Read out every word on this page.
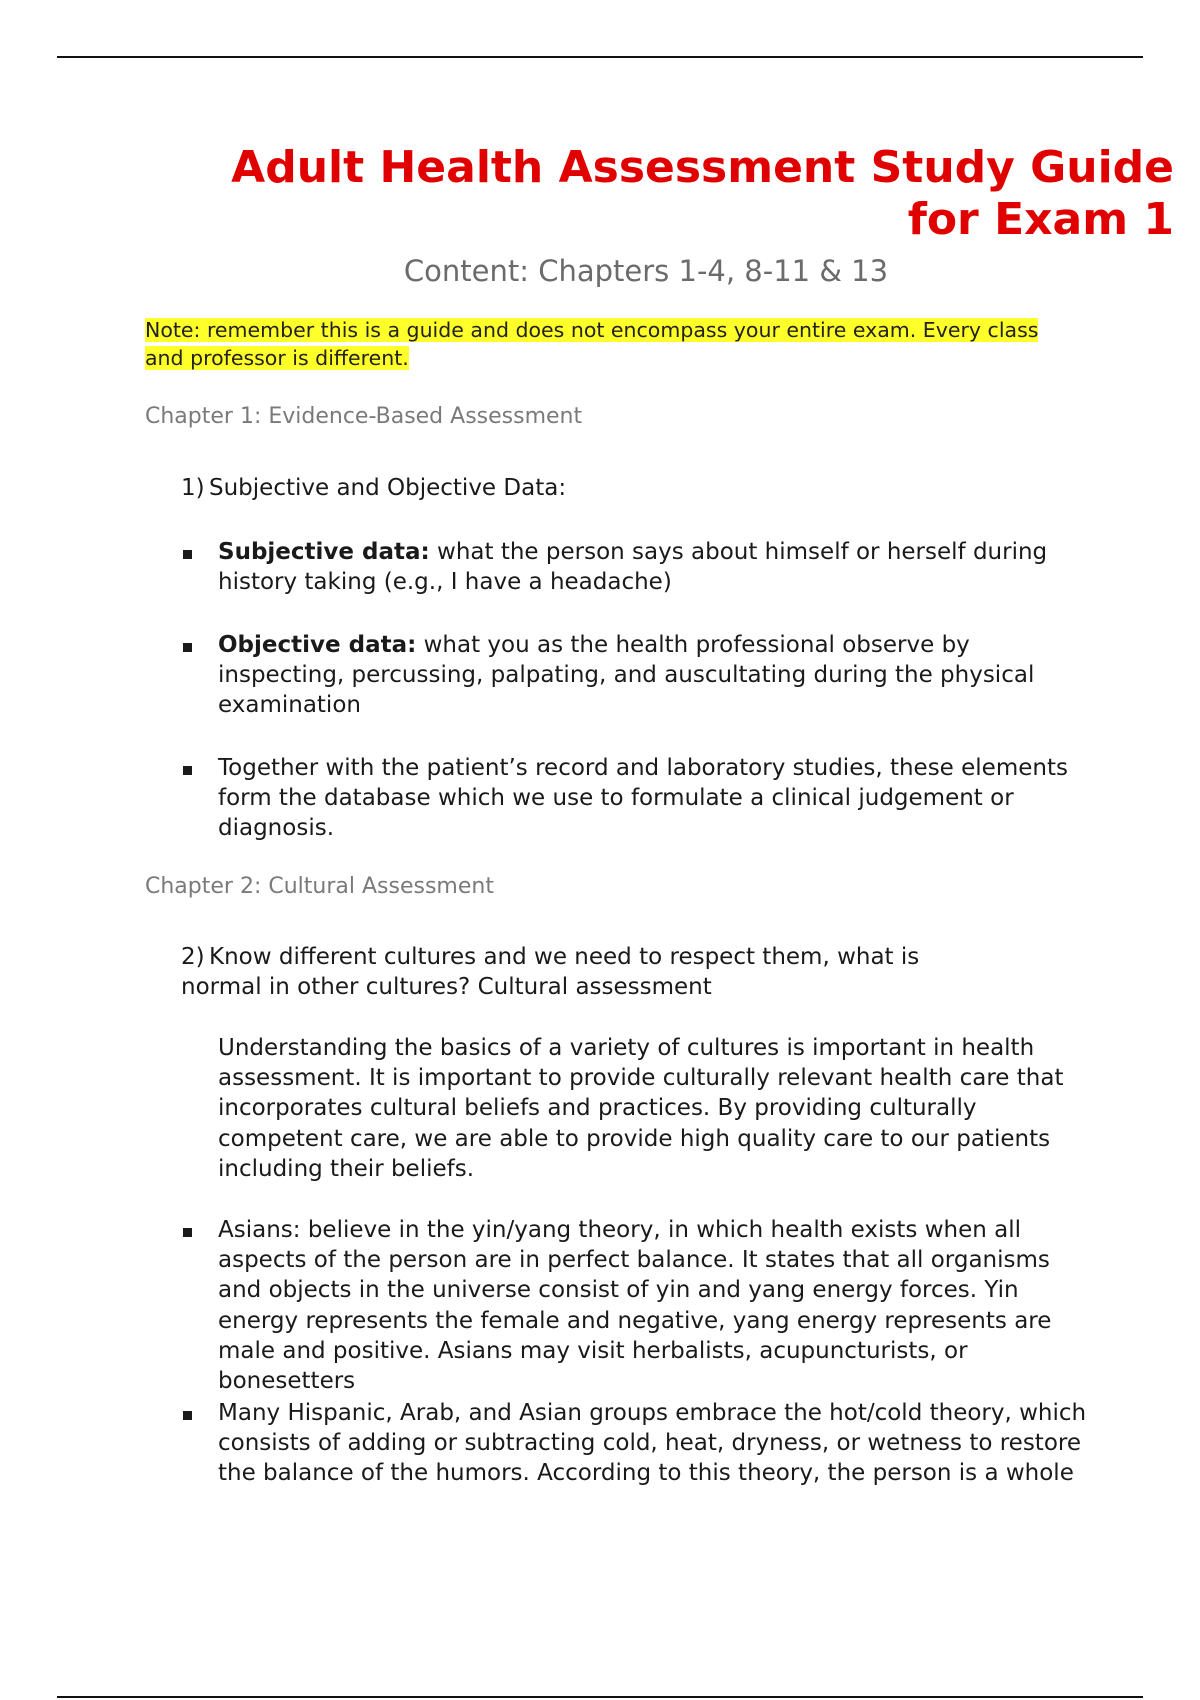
Adult Health Assessment Study Guide for Exam 1

Content: Chapters 1-4, 8-11 & 13

Note: remember this is a guide and does not encompass your entire exam. Every class and professor is different.

Chapter 1: Evidence-Based Assessment

1) Subjective and Objective Data:

Subjective data: what the person says about himself or herself during history taking (e.g., I have a headache)

Objective data: what you as the health professional observe by inspecting, percussing, palpating, and auscultating during the physical examination

Together with the patient’s record and laboratory studies, these elements form the database which we use to formulate a clinical judgement or diagnosis.

Chapter 2: Cultural Assessment

2) Know different cultures and we need to respect them, what is normal in other cultures? Cultural assessment

Understanding the basics of a variety of cultures is important in health assessment. It is important to provide culturally relevant health care that incorporates cultural beliefs and practices. By providing culturally competent care, we are able to provide high quality care to our patients including their beliefs.

Asians: believe in the yin/yang theory, in which health exists when all aspects of the person are in perfect balance. It states that all organisms and objects in the universe consist of yin and yang energy forces. Yin energy represents the female and negative, yang energy represents are male and positive. Asians may visit herbalists, acupuncturists, or bonesetters

Many Hispanic, Arab, and Asian groups embrace the hot/cold theory, which consists of adding or subtracting cold, heat, dryness, or wetness to restore the balance of the humors. According to this theory, the person is a whole
